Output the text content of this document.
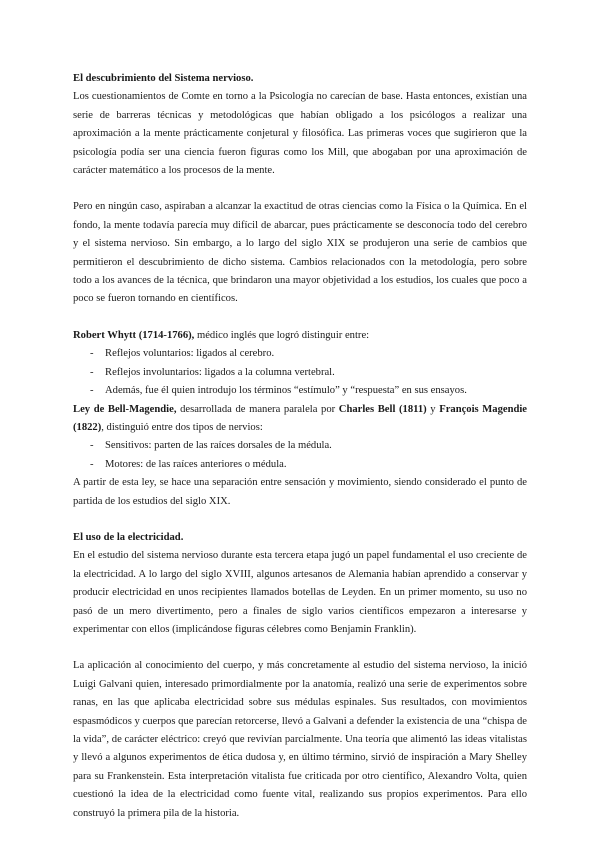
El descubrimiento del Sistema nervioso.

Los cuestionamientos de Comte en torno a la Psicología no carecían de base. Hasta entonces, existían una serie de barreras técnicas y metodológicas que habían obligado a los psicólogos a realizar una aproximación a la mente prácticamente conjetural y filosófica. Las primeras voces que sugirieron que la psicología podía ser una ciencia fueron figuras como los Mill, que abogaban por una aproximación de carácter matemático a los procesos de la mente.

Pero en ningún caso, aspiraban a alcanzar la exactitud de otras ciencias como la Física o la Química. En el fondo, la mente todavía parecía muy difícil de abarcar, pues prácticamente se desconocía todo del cerebro y el sistema nervioso. Sin embargo, a lo largo del siglo XIX se produjeron una serie de cambios que permitieron el descubrimiento de dicho sistema. Cambios relacionados con la metodología, pero sobre todo a los avances de la técnica, que brindaron una mayor objetividad a los estudios, los cuales que poco a poco se fueron tornando en científicos.

Robert Whytt (1714-1766), médico inglés que logró distinguir entre:

- Reflejos voluntarios: ligados al cerebro.
- Reflejos involuntarios: ligados a la columna vertebral.
- Además, fue él quien introdujo los términos “estímulo” y “respuesta” en sus ensayos.

Ley de Bell-Magendie, desarrollada de manera paralela por Charles Bell (1811) y François Magendie (1822), distinguió entre dos tipos de nervios:

- Sensitivos: parten de las raíces dorsales de la médula.
- Motores: de las raíces anteriores o médula.

A partir de esta ley, se hace una separación entre sensación y movimiento, siendo considerado el punto de partida de los estudios del siglo XIX.

El uso de la electricidad.

En el estudio del sistema nervioso durante esta tercera etapa jugó un papel fundamental el uso creciente de la electricidad. A lo largo del siglo XVIII, algunos artesanos de Alemania habían aprendido a conservar y producir electricidad en unos recipientes llamados botellas de Leyden. En un primer momento, su uso no pasó de un mero divertimento, pero a finales de siglo varios científicos empezaron a interesarse y experimentar con ellos (implicándose figuras célebres como Benjamin Franklin).

La aplicación al conocimiento del cuerpo, y más concretamente al estudio del sistema nervioso, la inició Luigi Galvani quien, interesado primordialmente por la anatomía, realizó una serie de experimentos sobre ranas, en las que aplicaba electricidad sobre sus médulas espinales. Sus resultados, con movimientos espasmódicos y cuerpos que parecían retorcerse, llevó a Galvani a defender la existencia de una “chispa de la vida”, de carácter eléctrico: creyó que revivían parcialmente. Una teoría que alimentó las ideas vitalistas y llevó a algunos experimentos de ética dudosa y, en último término, sirvió de inspiración a Mary Shelley para su Frankenstein. Esta interpretación vitalista fue criticada por otro científico, Alexandro Volta, quien cuestionó la idea de la electricidad como fuente vital, realizando sus propios experimentos. Para ello construyó la primera pila de la historia.
